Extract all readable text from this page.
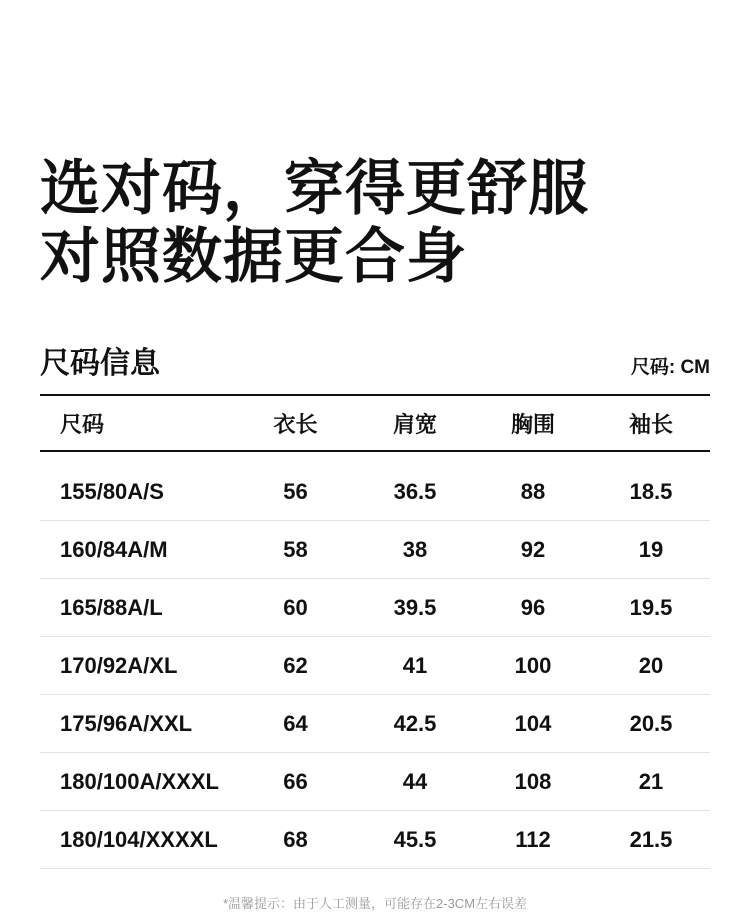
选对码，穿得更舒服
对照数据更合身
尺码信息	尺码: CM
尺码	衣长	肩宽	胸围	袖长
155/80A/S	56	36.5	88	18.5
160/84A/M	58	38	92	19
165/88A/L	60	39.5	96	19.5
170/92A/XL	62	41	100	20
175/96A/XXL	64	42.5	104	20.5
180/100A/XXXL	66	44	108	21
180/104/XXXXL	68	45.5	112	21.5
*温馨提示：由于人工测量，可能存在2-3CM左右误差
